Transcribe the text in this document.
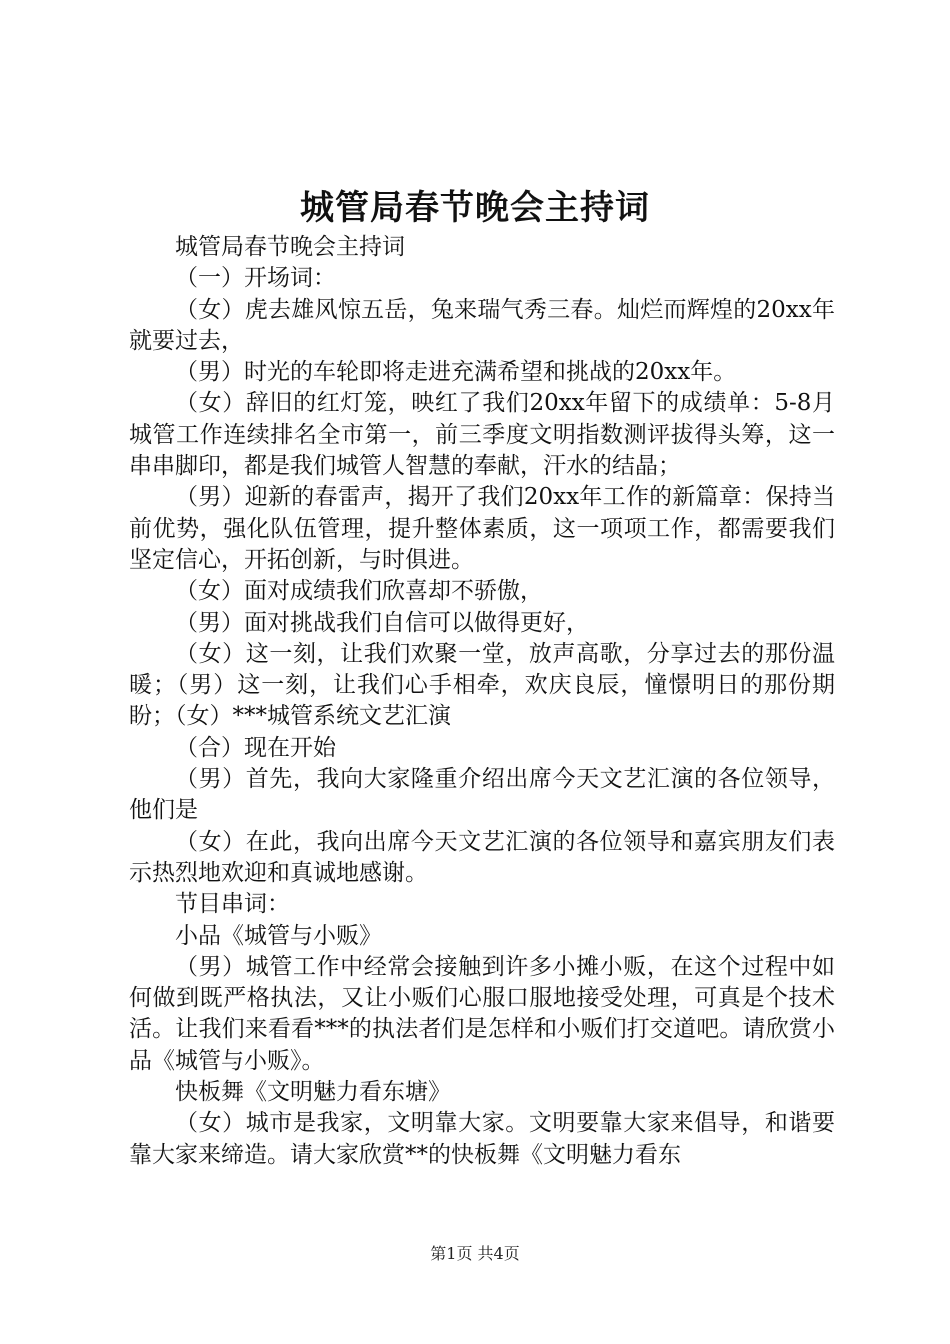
城管局春节晚会主持词

城管局春节晚会主持词

（一）开场词：

（女）虎去雄风惊五岳，兔来瑞气秀三春。灿烂而辉煌的20xx年就要过去，

（男）时光的车轮即将走进充满希望和挑战的20xx年。

（女）辞旧的红灯笼，映红了我们20xx年留下的成绩单：5-8月城管工作连续排名全市第一，前三季度文明指数测评拔得头筹，这一串串脚印，都是我们城管人智慧的奉献，汗水的结晶；

（男）迎新的春雷声，揭开了我们20xx年工作的新篇章：保持当前优势，强化队伍管理，提升整体素质，这一项项工作，都需要我们坚定信心，开拓创新，与时俱进。

（女）面对成绩我们欣喜却不骄傲，

（男）面对挑战我们自信可以做得更好，

（女）这一刻，让我们欢聚一堂，放声高歌，分享过去的那份温暖；（男）这一刻，让我们心手相牵，欢庆良辰，憧憬明日的那份期盼；（女）***城管系统文艺汇演

（合）现在开始

（男）首先，我向大家隆重介绍出席今天文艺汇演的各位领导，他们是

（女）在此，我向出席今天文艺汇演的各位领导和嘉宾朋友们表示热烈地欢迎和真诚地感谢。

节目串词：

小品《城管与小贩》

（男）城管工作中经常会接触到许多小摊小贩，在这个过程中如何做到既严格执法，又让小贩们心服口服地接受处理，可真是个技术活。让我们来看看***的执法者们是怎样和小贩们打交道吧。请欣赏小品《城管与小贩》。

快板舞《文明魅力看东塘》

（女）城市是我家，文明靠大家。文明要靠大家来倡导，和谐要靠大家来缔造。请大家欣赏**的快板舞《文明魅力看东

第1页 共4页
